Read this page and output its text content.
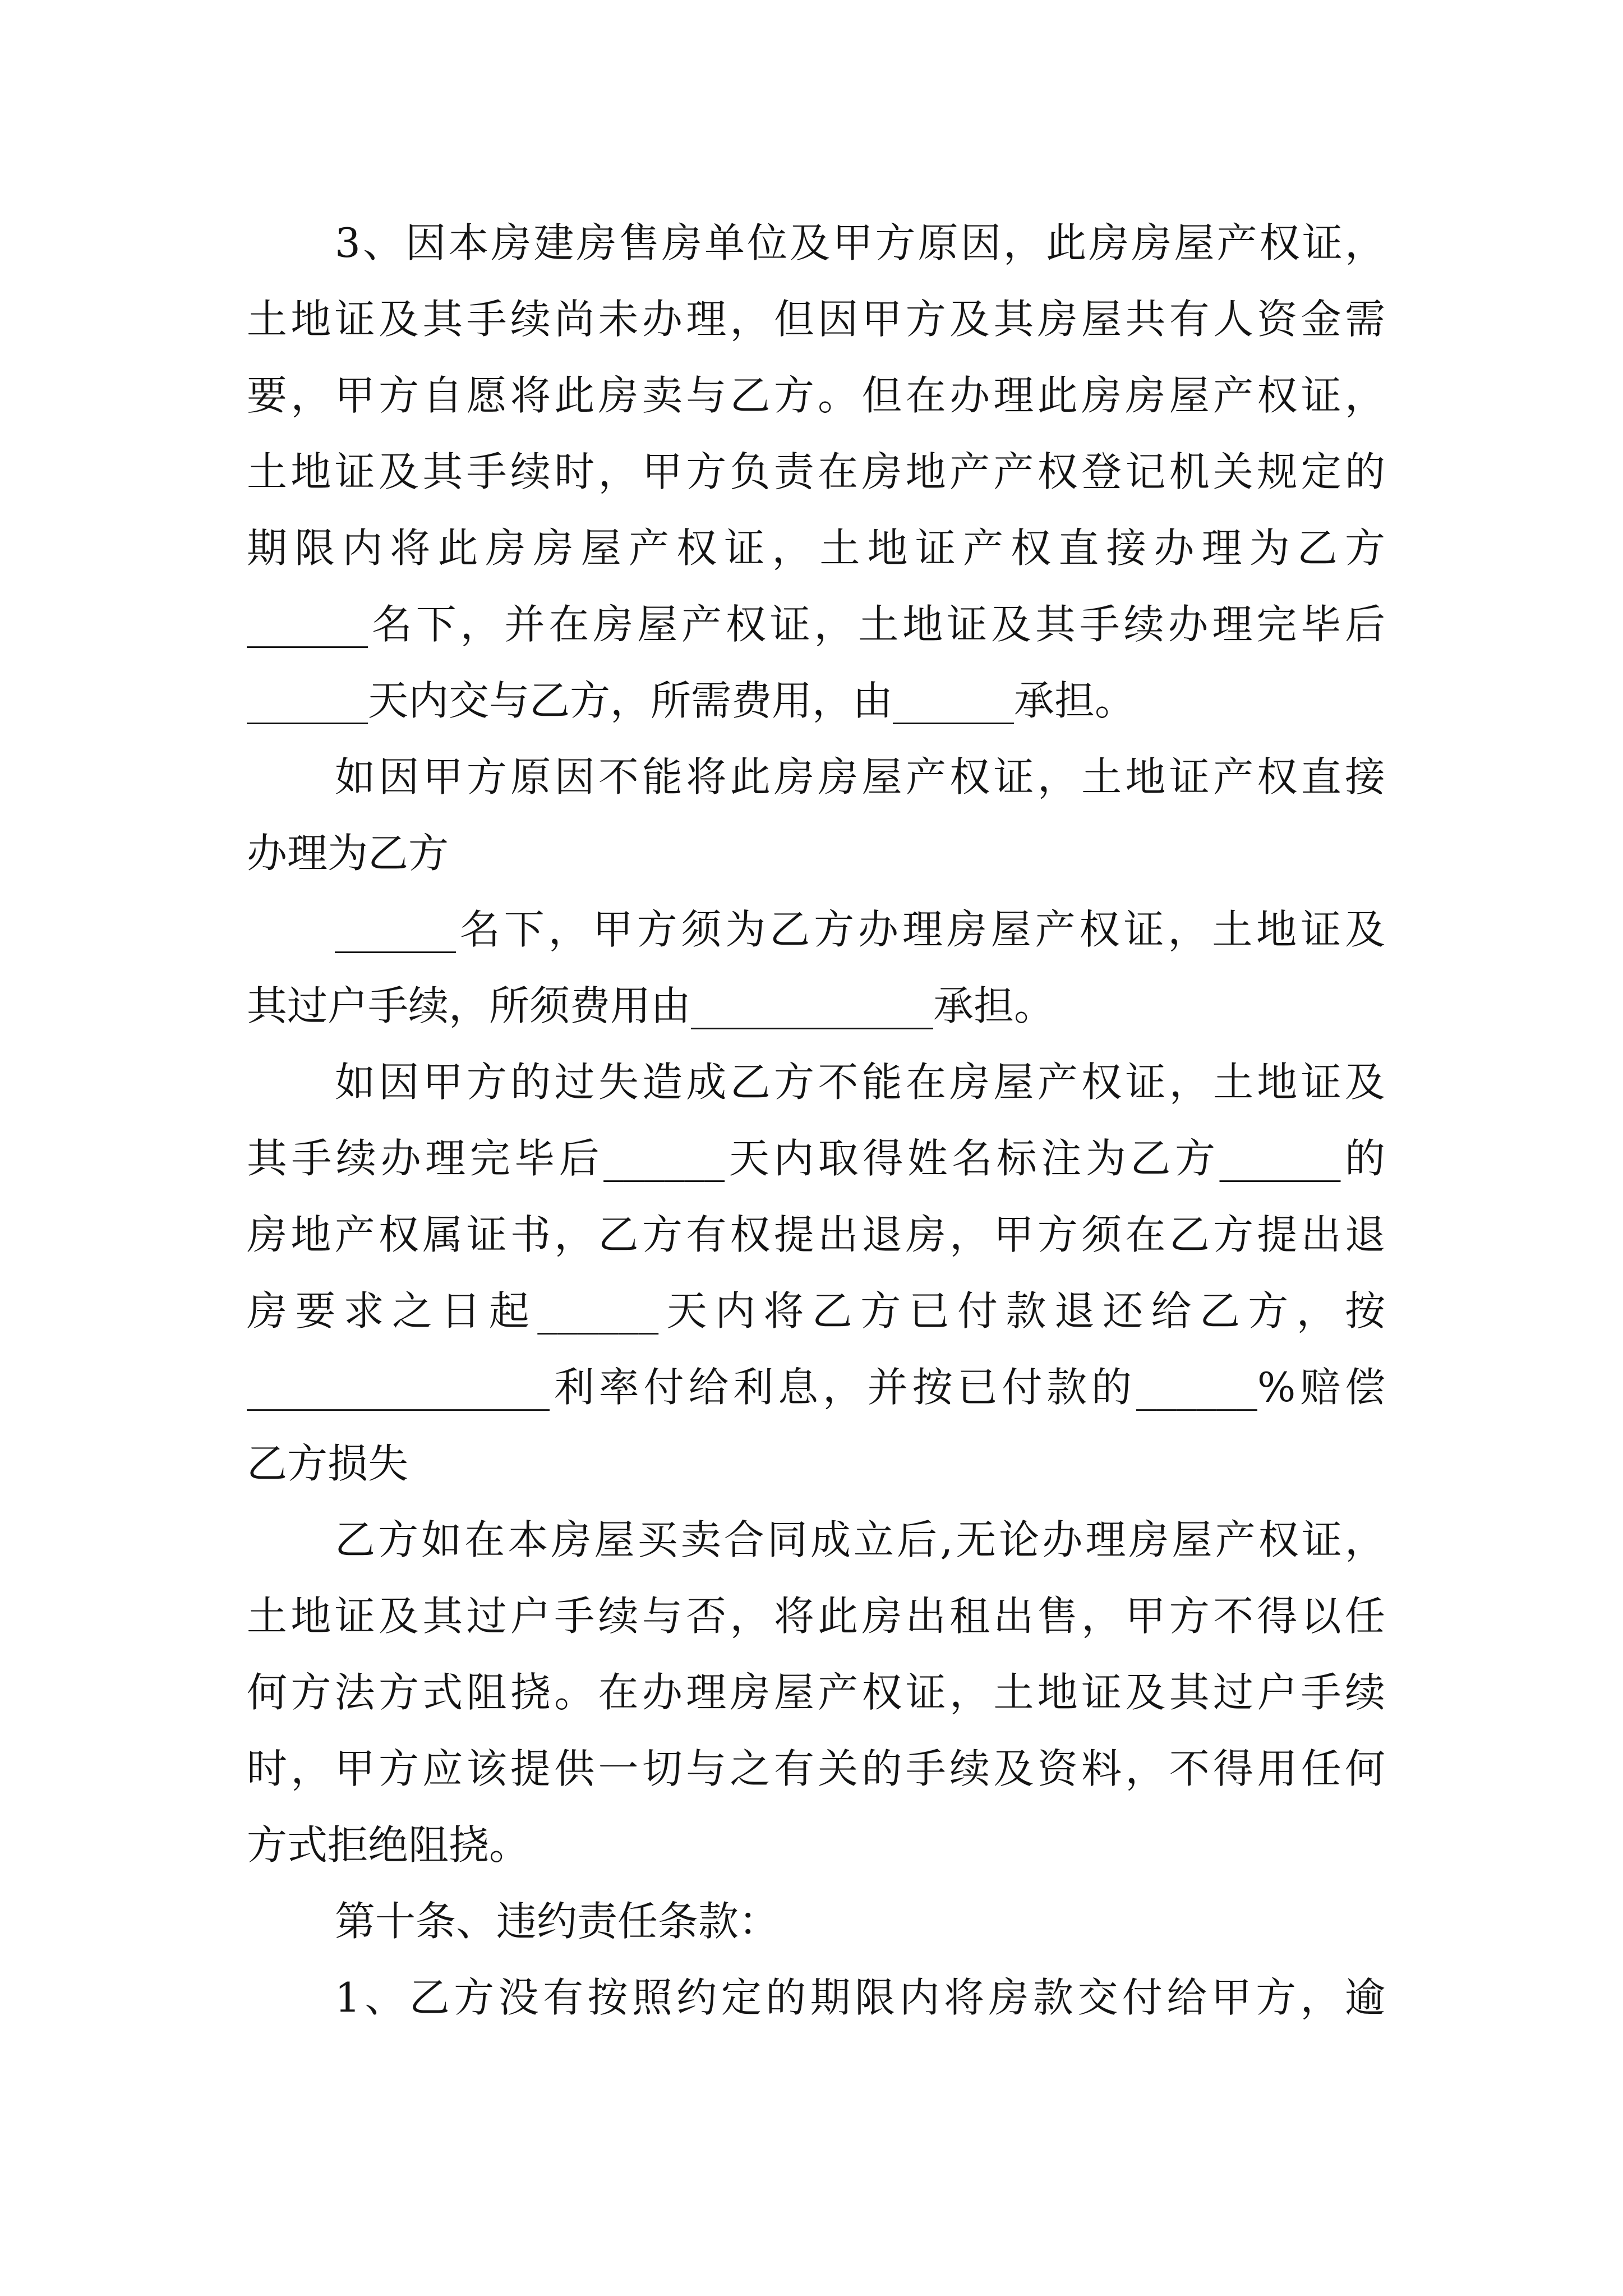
3、因本房建房售房单位及甲方原因，此房房屋产权证，
土地证及其手续尚未办理，但因甲方及其房屋共有人资金需
要，甲方自愿将此房卖与乙方。但在办理此房房屋产权证，
土地证及其手续时，甲方负责在房地产产权登记机关规定的
期限内将此房房屋产权证，土地证产权直接办理为乙方
______名下，并在房屋产权证，土地证及其手续办理完毕后
______天内交与乙方，所需费用，由______承担。
如因甲方原因不能将此房房屋产权证，土地证产权直接
办理为乙方
______名下，甲方须为乙方办理房屋产权证，土地证及
其过户手续，所须费用由____________承担。
如因甲方的过失造成乙方不能在房屋产权证，土地证及
其手续办理完毕后______天内取得姓名标注为乙方______的
房地产权属证书，乙方有权提出退房，甲方须在乙方提出退
房要求之日起______天内将乙方已付款退还给乙方，按
_______________利率付给利息，并按已付款的______%赔偿
乙方损失
乙方如在本房屋买卖合同成立后,无论办理房屋产权证，
土地证及其过户手续与否，将此房出租出售，甲方不得以任
何方法方式阻挠。在办理房屋产权证，土地证及其过户手续
时，甲方应该提供一切与之有关的手续及资料，不得用任何
方式拒绝阻挠。
第十条、违约责任条款：
1、乙方没有按照约定的期限内将房款交付给甲方，逾
